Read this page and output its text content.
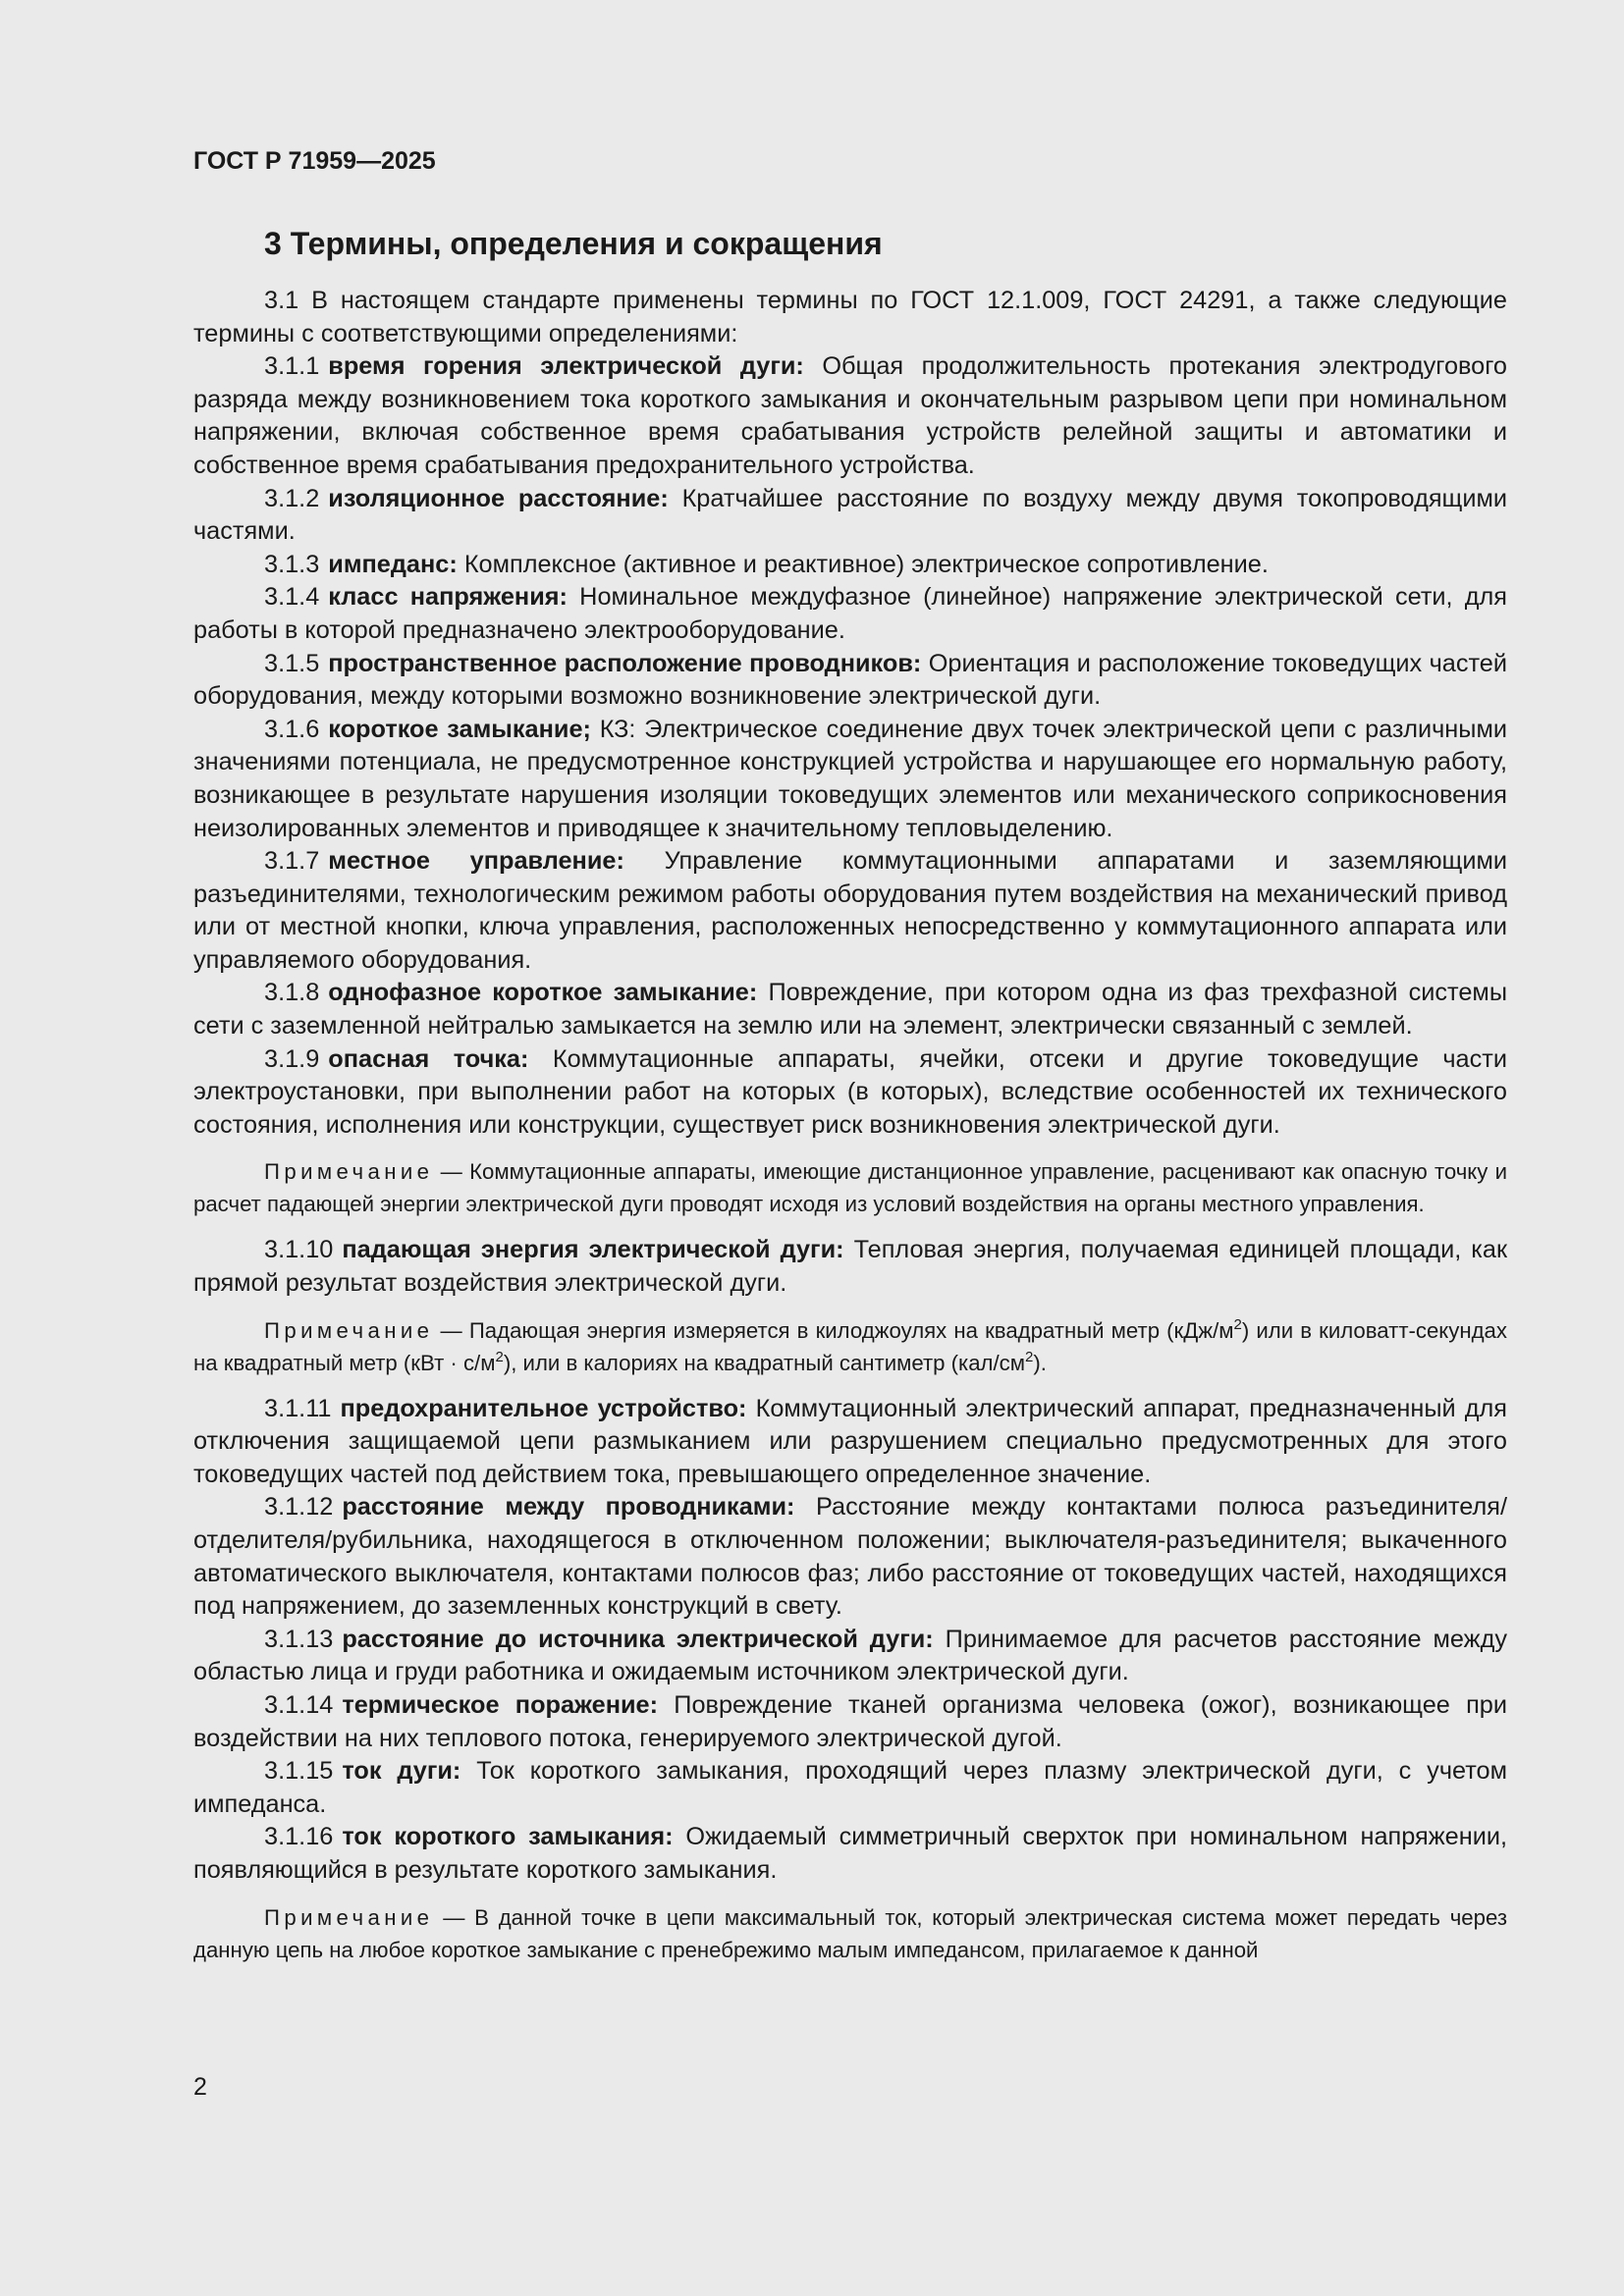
ГОСТ Р 71959—2025
3 Термины, определения и сокращения

3.1 В настоящем стандарте применены термины по ГОСТ 12.1.009, ГОСТ 24291, а также следующие термины с соответствующими определениями:

3.1.1 время горения электрической дуги: Общая продолжительность протекания электродугового разряда между возникновением тока короткого замыкания и окончательным разрывом цепи при номинальном напряжении, включая собственное время срабатывания устройств релейной защиты и автоматики и собственное время срабатывания предохранительного устройства.

3.1.2 изоляционное расстояние: Кратчайшее расстояние по воздуху между двумя токопроводящими частями.

3.1.3 импеданс: Комплексное (активное и реактивное) электрическое сопротивление.

3.1.4 класс напряжения: Номинальное междуфазное (линейное) напряжение электрической сети, для работы в которой предназначено электрооборудование.

3.1.5 пространственное расположение проводников: Ориентация и расположение токоведущих частей оборудования, между которыми возможно возникновение электрической дуги.

3.1.6 короткое замыкание; КЗ: Электрическое соединение двух точек электрической цепи с различными значениями потенциала, не предусмотренное конструкцией устройства и нарушающее его нормальную работу, возникающее в результате нарушения изоляции токоведущих элементов или механического соприкосновения неизолированных элементов и приводящее к значительному тепловыделению.

3.1.7 местное управление: Управление коммутационными аппаратами и заземляющими разъединителями, технологическим режимом работы оборудования путем воздействия на механический привод или от местной кнопки, ключа управления, расположенных непосредственно у коммутационного аппарата или управляемого оборудования.

3.1.8 однофазное короткое замыкание: Повреждение, при котором одна из фаз трехфазной системы сети с заземленной нейтралью замыкается на землю или на элемент, электрически связанный с землей.

3.1.9 опасная точка: Коммутационные аппараты, ячейки, отсеки и другие токоведущие части электроустановки, при выполнении работ на которых (в которых), вследствие особенностей их технического состояния, исполнения или конструкции, существует риск возникновения электрической дуги.

Примечание — Коммутационные аппараты, имеющие дистанционное управление, расценивают как опасную точку и расчет падающей энергии электрической дуги проводят исходя из условий воздействия на органы местного управления.

3.1.10 падающая энергия электрической дуги: Тепловая энергия, получаемая единицей площади, как прямой результат воздействия электрической дуги.

Примечание — Падающая энергия измеряется в килоджоулях на квадратный метр $(кДж/м^2)$ или в киловатт-секундах на квадратный метр $(кВт \cdot с/м^2)$, или в калориях на квадратный сантиметр $(кал/см^2)$.

3.1.11 предохранительное устройство: Коммутационный электрический аппарат, предназначенный для отключения защищаемой цепи размыканием или разрушением специально предусмотренных для этого токоведущих частей под действием тока, превышающего определенное значение.

3.1.12 расстояние между проводниками: Расстояние между контактами полюса разъединителя/отделителя/рубильника, находящегося в отключенном положении; выключателя-разъединителя; выкаченного автоматического выключателя, контактами полюсов фаз; либо расстояние от токоведущих частей, находящихся под напряжением, до заземленных конструкций в свету.

3.1.13 расстояние до источника электрической дуги: Принимаемое для расчетов расстояние между областью лица и груди работника и ожидаемым источником электрической дуги.

3.1.14 термическое поражение: Повреждение тканей организма человека (ожог), возникающее при воздействии на них теплового потока, генерируемого электрической дугой.

3.1.15 ток дуги: Ток короткого замыкания, проходящий через плазму электрической дуги, с учетом импеданса.

3.1.16 ток короткого замыкания: Ожидаемый симметричный сверхток при номинальном напряжении, появляющийся в результате короткого замыкания.

Примечание — В данной точке в цепи максимальный ток, который электрическая система может передать через данную цепь на любое короткое замыкание с пренебрежимо малым импедансом, прилагаемое к данной

2
